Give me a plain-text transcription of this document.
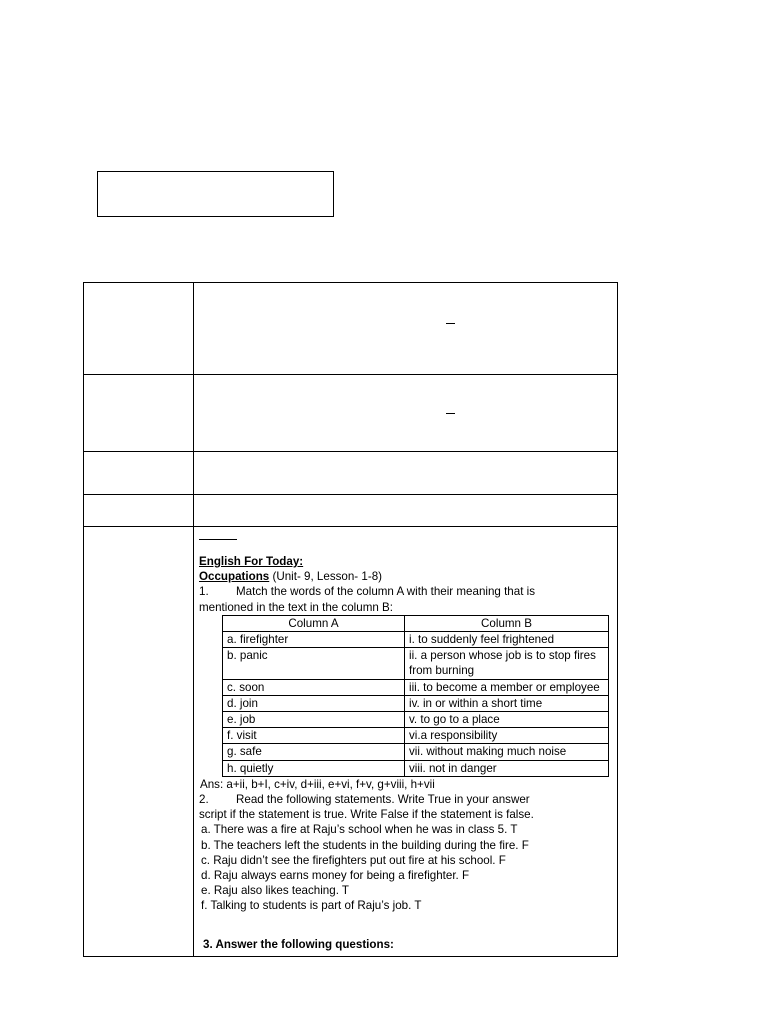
English For Today:
Occupations (Unit- 9, Lesson- 1-8)
1.	Match the words of the column A with their meaning that is
mentioned in the text in the column B:
Column A	Column B
a. firefighter	i. to suddenly feel frightened
b. panic	ii. a person whose job is to stop fires from burning
c. soon	iii. to become a member or employee
d. join	iv. in or within a short time
e. job	v. to go to a place
f. visit	vi.a responsibility
g. safe	vii. without making much noise
h. quietly	viii. not in danger
Ans: a+ii, b+I, c+iv, d+iii, e+vi, f+v, g+viii, h+vii
2.	Read the following statements. Write True in your answer
script if the statement is true. Write False if the statement is false.
a. There was a fire at Raju’s school when he was in class 5. T
b. The teachers left the students in the building during the fire. F
c. Raju didn’t see the firefighters put out fire at his school. F
d. Raju always earns money for being a firefighter. F
e. Raju also likes teaching. T
f. Talking to students is part of Raju’s job. T
3. Answer the following questions:
